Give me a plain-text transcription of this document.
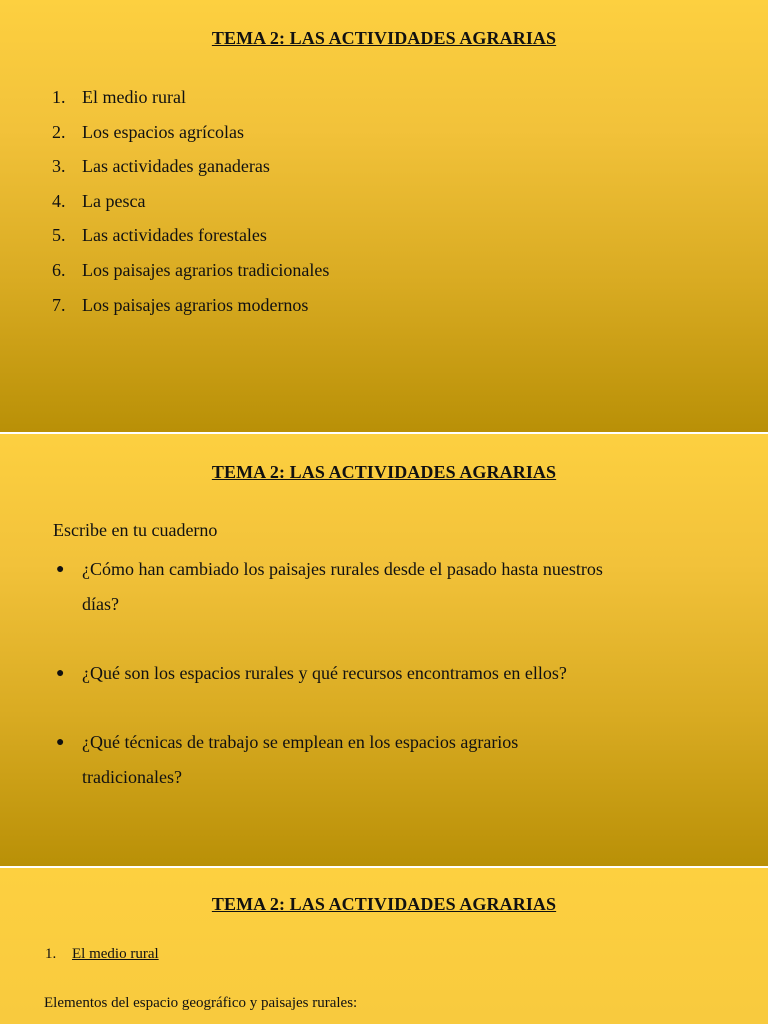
TEMA 2: LAS ACTIVIDADES AGRARIAS
1. El medio rural
2. Los espacios agrícolas
3. Las actividades ganaderas
4. La pesca
5. Las actividades forestales
6. Los paisajes agrarios tradicionales
7. Los paisajes agrarios modernos
TEMA 2: LAS ACTIVIDADES AGRARIAS
Escribe en tu cuaderno
● ¿Cómo han cambiado los paisajes rurales desde el pasado hasta nuestros días?
● ¿Qué son los espacios rurales y qué recursos encontramos en ellos?
● ¿Qué técnicas de trabajo se emplean en los espacios agrarios tradicionales?
TEMA 2: LAS ACTIVIDADES AGRARIAS
1. El medio rural
Elementos del espacio geográfico y paisajes rurales:
